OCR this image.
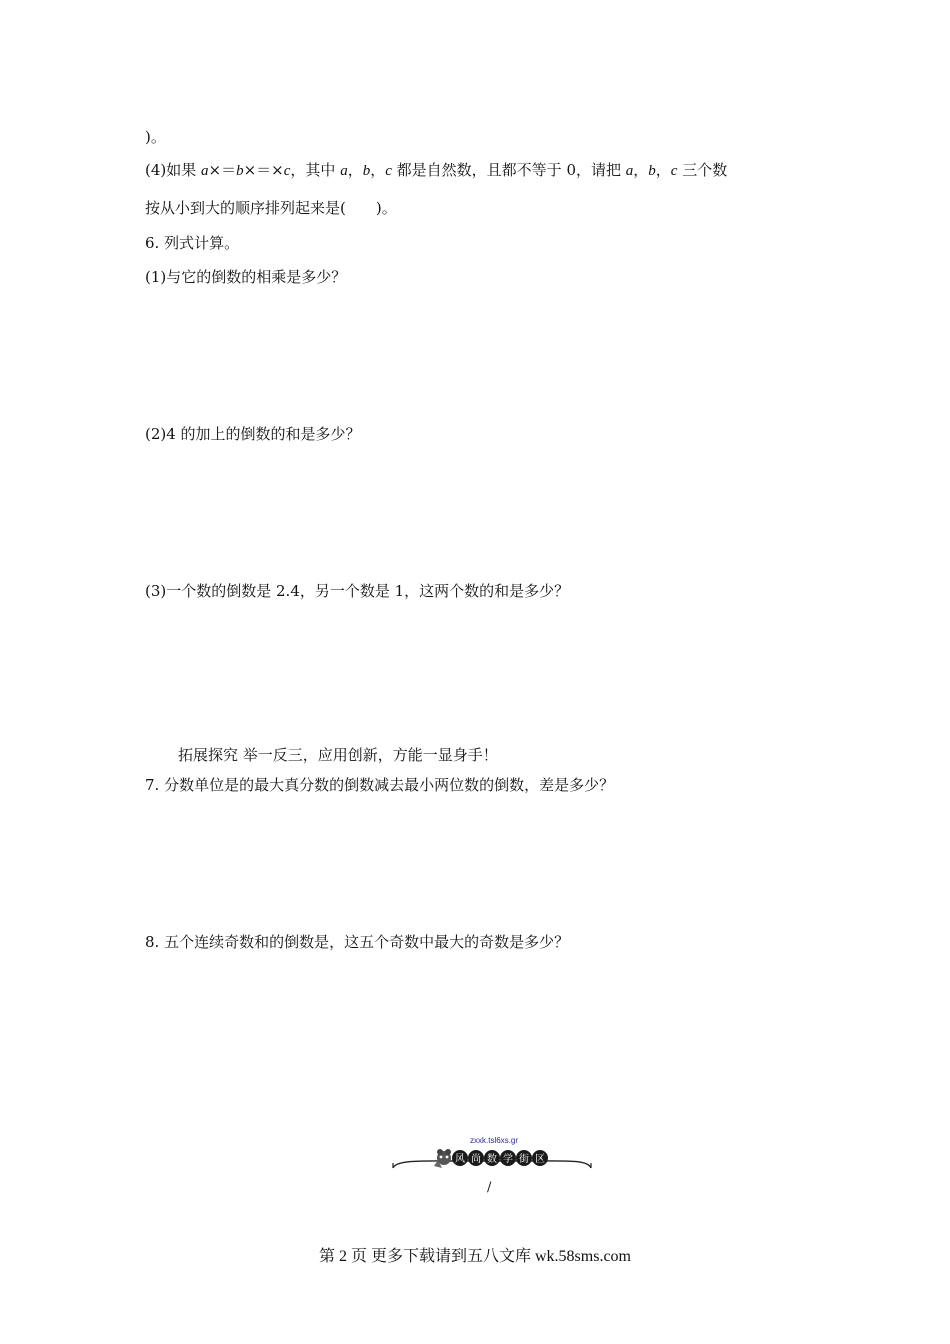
)。
(4)如果 a×＝b×＝×c，其中 a，b，c 都是自然数，且都不等于 0，请把 a，b，c 三个数
按从小到大的顺序排列起来是(　　)。
6. 列式计算。
(1)与它的倒数的相乘是多少？
(2)4 的加上的倒数的和是多少？
(3)一个数的倒数是 2.4，另一个数是 1，这两个数的和是多少？
拓展探究 举一反三，应用创新，方能一显身手！
7. 分数单位是的最大真分数的倒数减去最小两位数的倒数，差是多少？
8. 五个连续奇数和的倒数是，这五个奇数中最大的奇数是多少？
zxxk.tsl6xs.gr
风 尚 数 学 街 区
/
第 2 页 更多下载请到五八文库 wk.58sms.com
